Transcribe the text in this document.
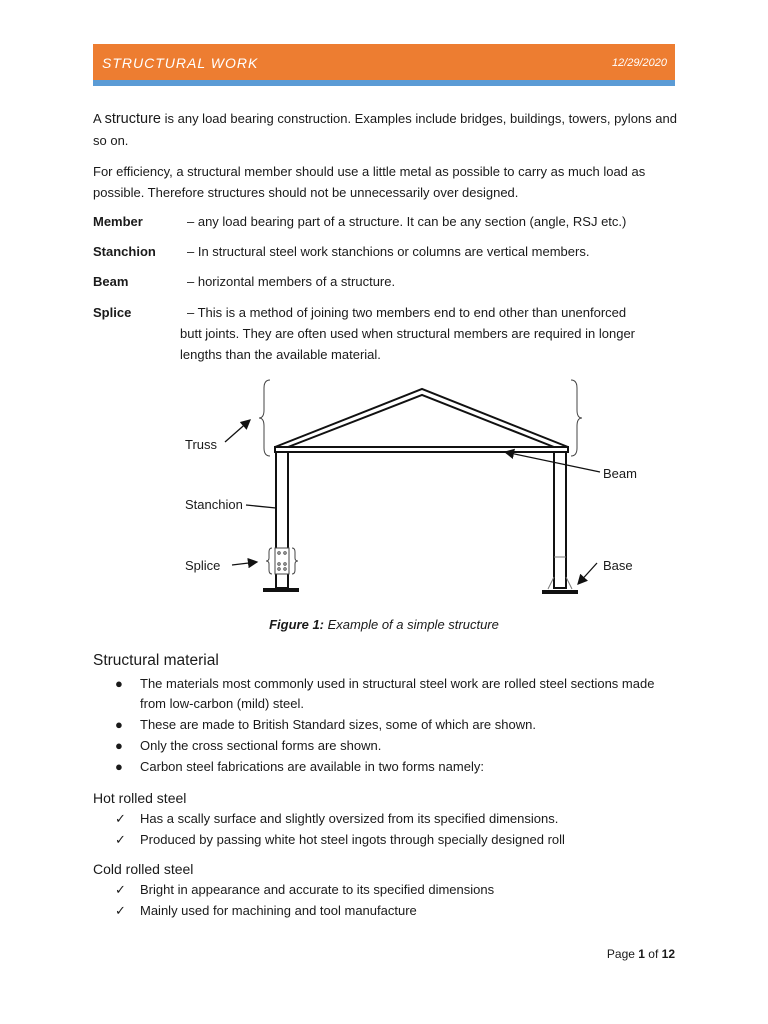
STRUCTURAL WORK	12/29/2020
A structure is any load bearing construction. Examples include bridges, buildings, towers, pylons and so on.
For efficiency, a structural member should use a little metal as possible to carry as much load as possible. Therefore structures should not be unnecessarily over designed.
Member	– any load bearing part of a structure. It can be any section (angle, RSJ etc.)
Stanchion – In structural steel work stanchions or columns are vertical members.
Beam	– horizontal members of a structure.
Splice	– This is a method of joining two members end to end other than unenforced
butt joints. They are often used when structural members are required in longer lengths than the available material.
Truss
Stanchion
Splice
Beam
Base
Figure 1: Example of a simple structure
Structural material
● The materials most commonly used in structural steel work are rolled steel sections made from low-carbon (mild) steel.
● These are made to British Standard sizes, some of which are shown.
● Only the cross sectional forms are shown.
● Carbon steel fabrications are available in two forms namely:
Hot rolled steel
✓ Has a scally surface and slightly oversized from its specified dimensions.
✓ Produced by passing white hot steel ingots through specially designed roll
Cold rolled steel
✓ Bright in appearance and accurate to its specified dimensions
✓ Mainly used for machining and tool manufacture
Page 1 of 12
